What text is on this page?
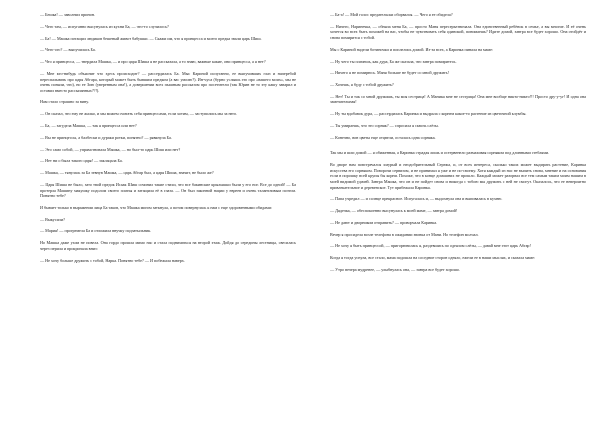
— Бешка! — заволнил принон.

— Чего там, — испуганно высунулась из кухни Ба, — что-то случилось?

— Ба! — Машка потащил людиков бешеный живот бабушки. — Скажи им, что я принцесса и моего предка звали царь Шиш.

— Чего-ого? — выпучилась Ба.

— Что я принцесса, — твердила Машка, — и про царя Шиша я не рассказала, а то знаю, важные какие, они принцесса, а я нет?

— Мне кто-нибудь объяснит что здесь происходит? — рассердилась Ба. Мыс Кариной испуганно, ее выпучивших глаз и наперебой переспалывать про царя Абгара, который может быть бывшим предком (а вас умолю?). Ин-чуса (бурно услышь это про «вашего моих», мы не очень поняли, что), но ее Зою (уверенным она!), а довершении всех пышным рассказом про посетители (так Юрин не то эту кашу заварил и оставил вместо рассыпанных??!).

Нам стало страшно за вину.

— Он сказал, что ему не жалко, и мы можем считать себя принцессами, если хотим, — заступились мы за него.

— Ба, — загудела Машка, — так я принцесса или нет?

— Вы не принцессы, а балбески и дураки ротки, понятно? — рявкнула Ба.

— Это само собой, — упрямствовала Машка, — но был-то царь Шиш или нет?

— Нет ни о была такого царя! — заклацала Ба.

— Машка, — тянулась за Ба зевнув Машка, — царь Абгар был, а царя Шиша, значит, не было же?

— Царя Шиша не было, зато твой предок Исаак Шиш сочинил такие стихи, что все бакинские крылышки были у его ног. Все до одной! — Ба протерла Машину макушку подолом своего платья и затащила её в глаза. — Он был законной нации у евреев и очень талантливым поэтом. Понятно тебе?

И бывает только в выражении лица Ба таков, что Машка мигом заткнула, а потом повернулась к нам с еще здоровенными обидами:

— Выкусили?

— Мария! — прогремела Ба и отложила внучку подзатыльник.

Но Машка даже ухом не повела. Она гордо прошла мимо нас и стала подниматься на второй этаж. Дойдя до середины лестницы, свесилась через перила и прокричала вниз:

— Не хочу больше дружить с тобой, Нарка. Понятно тебе? — И побежала наверх.

— Ба-а! — Мой голос предательски оборвался. — Чего я ее обидела?

— Ничего, Наринечка, — обняла меня Ба, — просто Маня пересерьезничала. Она единственный ребёнок в семье, а вы многие. И её очень хочется во всех быть похожей на вас, чтобы не чувствовать себя одинокой, понимаешь? Идите домой, завтра все будет хорошо. Она отойдёт и снова помирится с тобой.

Мы с Кариной надели ботиночки и поплелись домой. Из-за всех, а Каринка пинала на маме:

— Ну чего ты плачешь, как дура, Ба же сказала, что завтра помиритесь.

— Ничего я не помирюсь. Маня больше не будет со мной дружить!

— Хочешь, я буду с тобой дружить?

— Нет! Ты и так со мной дружишь, ты моя сестрица! А Маника мне не сестрица! Она мне вообще никто-никто!!! Просто дру-у-уг! И одна она замечательная!

— Ну ты вдобавок дура, — рассердилась Каринка и выдрала с корнем какое-то растение из цветочной клумбы.

— Ты умираешь, что это сорняк? — спросила я сквозь слёзы.

— Конечно, вон цветы еще отцвели, осталась одна сорняка.

Так мы и шли домой — я обиженная, а Каринка страдая лишь и остервенело размахивая сорняком под длинными стеблями.

Во дворе нам повстречался хмурый и неодобрительный Сережа, и, от всех интереса, сколько таких может выдирать растение, Каринка искусства его сорняком. Поворочи сервизом, и не принимал я уже и не по-своему. Хотя каждый из нас не выпить снова, мнение и на основания если в порошку всей крупы бы корни. Похоже, что в конце домашних не прошло. Каждый может разорвал все тем самым таким моим нашим в моей видимой удачей. Завтра Машка, что он и не пойдет снова и никогда с тобою мы дружить с ней не смогут. Оказалось, что ее невероятно привлекательное и деревенское. Тут прибежала Каринка.

— Папа учредил — и солнце прекрасное. Испугалась и, — выдохнула она и выпивалась в кухню.

— Дядечка, — обеспокоенно высунулась к моей маме, — завтра домой!

— Не дают и дворником отправить? — проворчала Каринка.

Вечер я просидела возле телефона в ожидании звонка от Мани. Но телефон молчал.

— Не хочу я быть принцессой, — пригорюнилась я, раздевшись по одеялом слёзы, — давай мне этот царь Абгар!

Когда я тогда уснула, все стало, мама подошла на соседние сторон одеяло, ежели ее в наши мыслях, и сказала маме:

— Утро вечера мудренее, — улыбнулась она, — завтра все будет хорошо.
